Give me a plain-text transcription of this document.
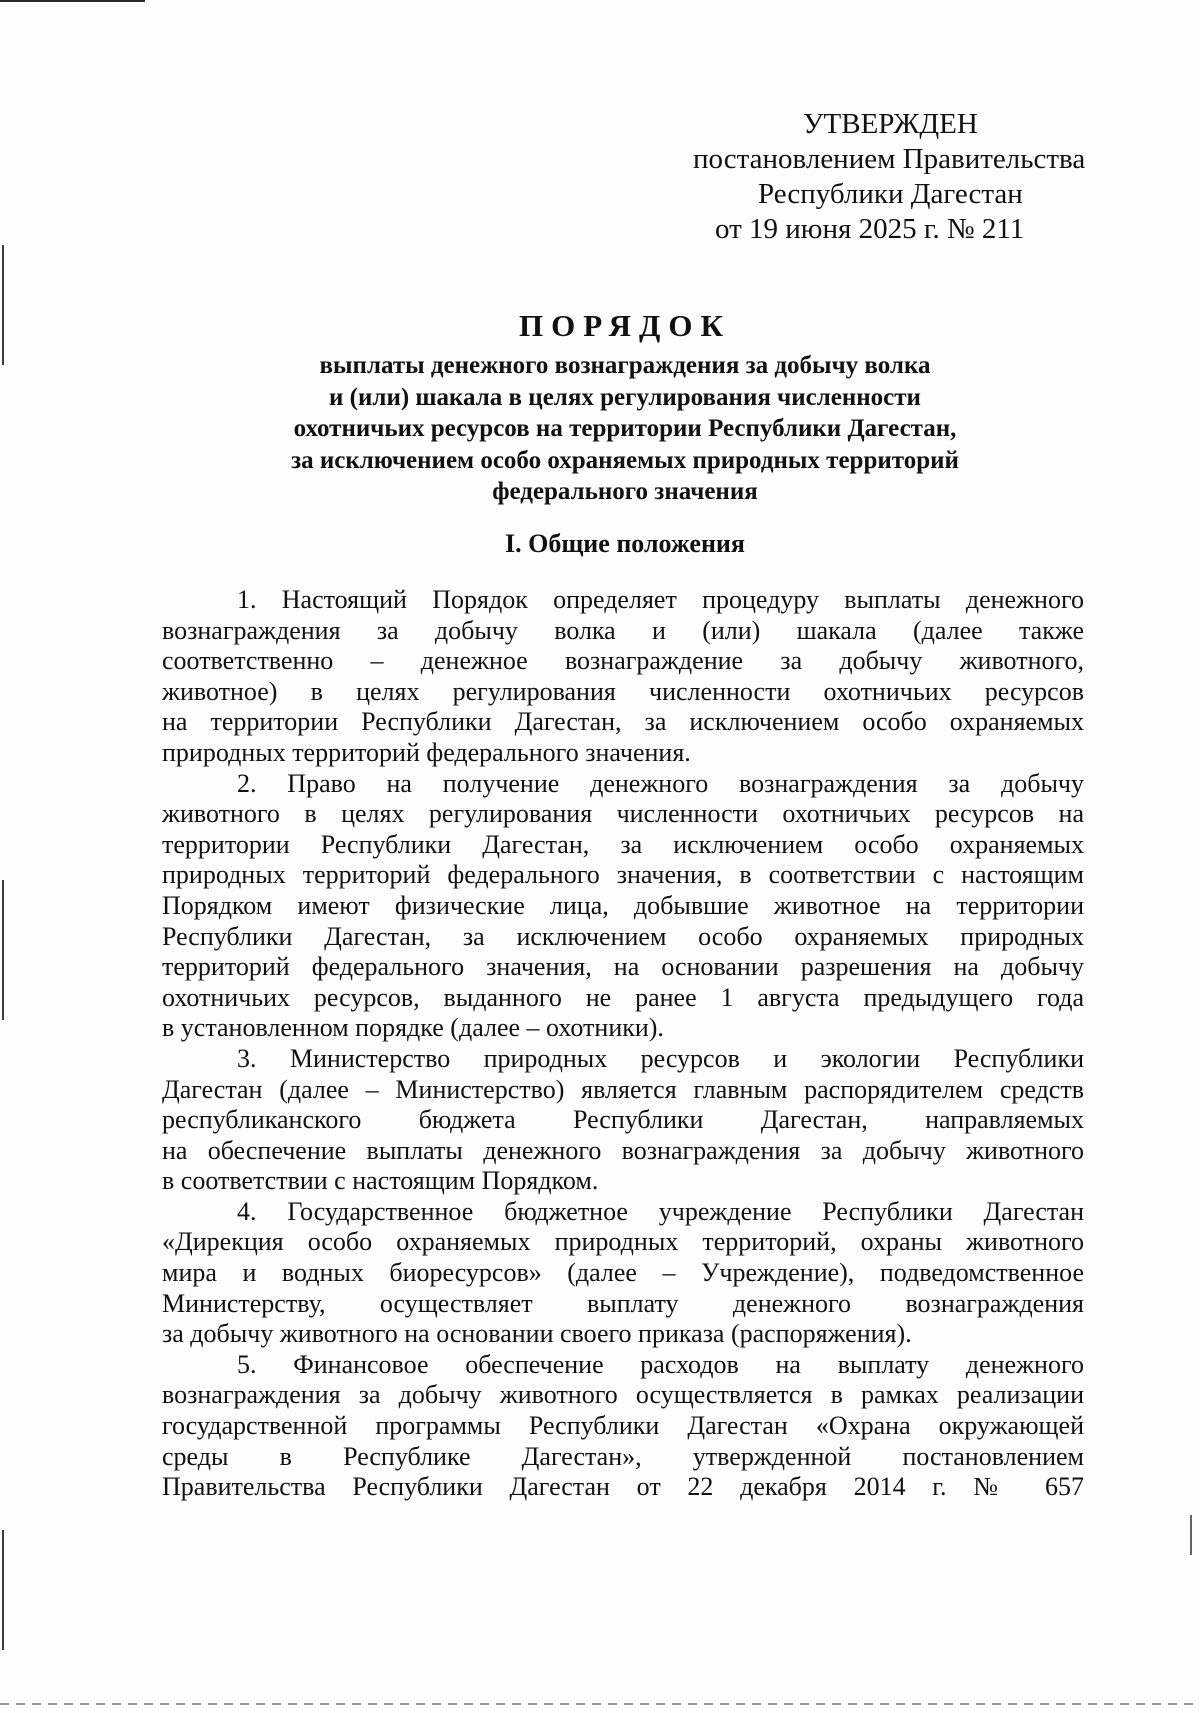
УТВЕРЖДЕН
постановлением Правительства
Республики Дагестан
от 19 июня 2025 г. № 211
ПОРЯДОК
выплаты денежного вознаграждения за добычу волка
и (или) шакала в целях регулирования численности
охотничьих ресурсов на территории Республики Дагестан,
за исключением особо охраняемых природных территорий
федерального значения
I. Общие положения
1. Настоящий Порядок определяет процедуру выплаты денежного
вознаграждения за добычу волка и (или) шакала (далее также
соответственно – денежное вознаграждение за добычу животного,
животное) в целях регулирования численности охотничьих ресурсов
на территории Республики Дагестан, за исключением особо охраняемых
природных территорий федерального значения.
2. Право на получение денежного вознаграждения за добычу
животного в целях регулирования численности охотничьих ресурсов на
территории Республики Дагестан, за исключением особо охраняемых
природных территорий федерального значения, в соответствии с настоящим
Порядком имеют физические лица, добывшие животное на территории
Республики Дагестан, за исключением особо охраняемых природных
территорий федерального значения, на основании разрешения на добычу
охотничьих ресурсов, выданного не ранее 1 августа предыдущего года
в установленном порядке (далее – охотники).
3. Министерство природных ресурсов и экологии Республики
Дагестан (далее – Министерство) является главным распорядителем средств
республиканского бюджета Республики Дагестан, направляемых
на обеспечение выплаты денежного вознаграждения за добычу животного
в соответствии с настоящим Порядком.
4. Государственное бюджетное учреждение Республики Дагестан
«Дирекция особо охраняемых природных территорий, охраны животного
мира и водных биоресурсов» (далее – Учреждение), подведомственное
Министерству, осуществляет выплату денежного вознаграждения
за добычу животного на основании своего приказа (распоряжения).
5. Финансовое обеспечение расходов на выплату денежного
вознаграждения за добычу животного осуществляется в рамках реализации
государственной программы Республики Дагестан «Охрана окружающей
среды в Республике Дагестан», утвержденной постановлением
Правительства Республики Дагестан от 22 декабря 2014 г. № 657
